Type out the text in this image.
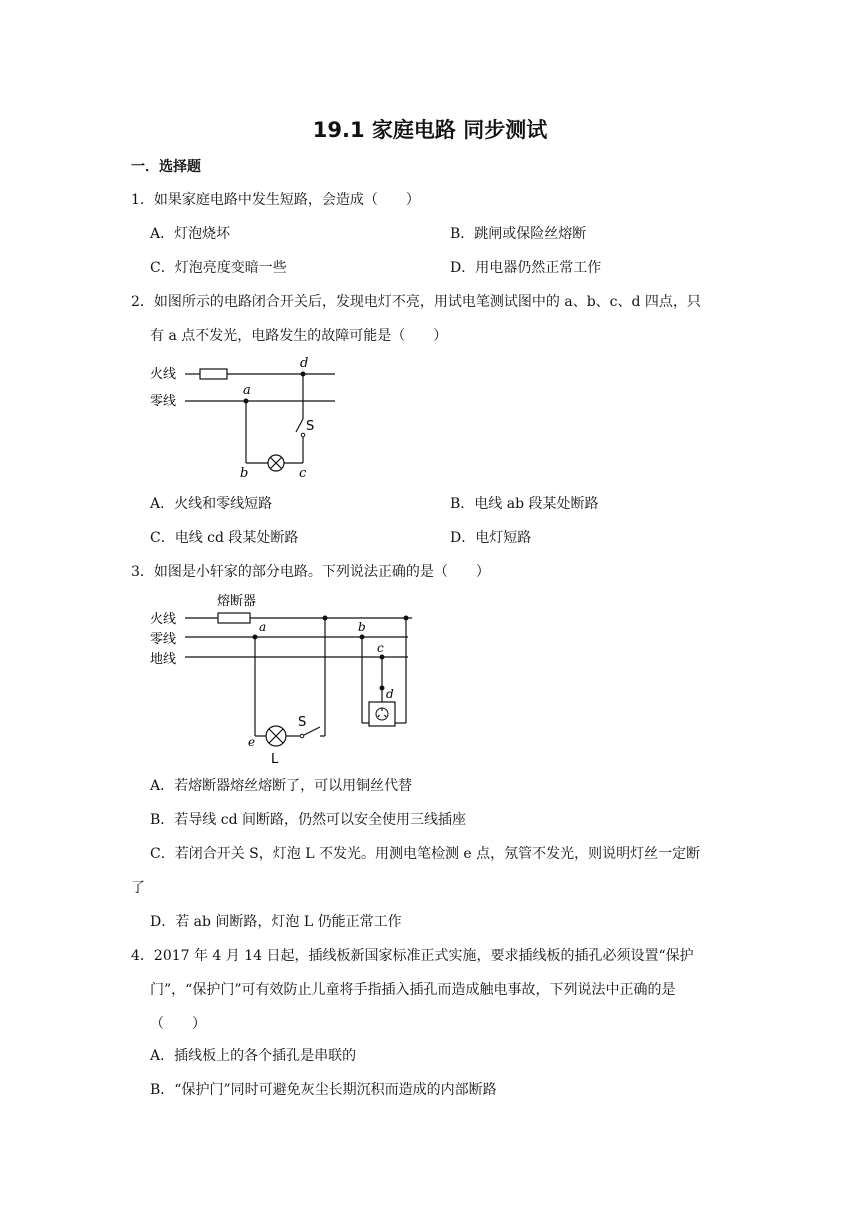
19.1 家庭电路 同步测试
一．选择题
1．如果家庭电路中发生短路，会造成（　　）
A．灯泡烧坏	B．跳闸或保险丝熔断
C．灯泡亮度变暗一些	D．用电器仍然正常工作
2．如图所示的电路闭合开关后，发现电灯不亮，用试电笔测试图中的 a、b、c、d 四点，只
有 a 点不发光，电路发生的故障可能是（　　）
火线
零线
a
b	c
d
S
A．火线和零线短路	B．电线 ab 段某处断路
C．电线 cd 段某处断路	D．电灯短路
3．如图是小轩家的部分电路。下列说法正确的是（　　）
熔断器
火线
零线
地线
a
e
L
S
b
c
d
A．若熔断器熔丝熔断了，可以用铜丝代替
B．若导线 cd 间断路，仍然可以安全使用三线插座
C．若闭合开关 S，灯泡 L 不发光。用测电笔检测 e 点，氖管不发光，则说明灯丝一定断
了
D．若 ab 间断路，灯泡 L 仍能正常工作
4．2017 年 4 月 14 日起，插线板新国家标准正式实施，要求插线板的插孔必须设置“保护
门”，“保护门”可有效防止儿童将手指插入插孔而造成触电事故，下列说法中正确的是
（　　）
A．插线板上的各个插孔是串联的
B．“保护门”同时可避免灰尘长期沉积而造成的内部断路
